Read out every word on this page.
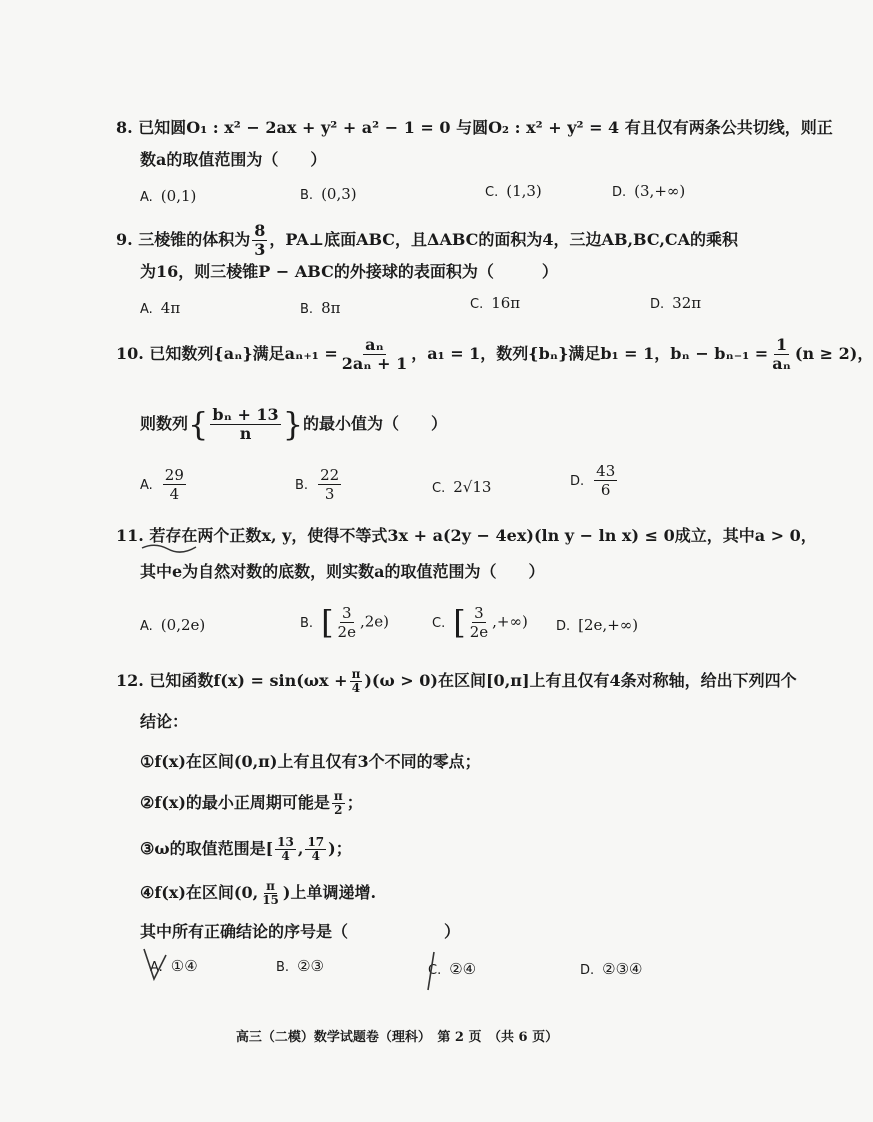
8. 已知圆O₁ : x² − 2ax + y² + a² − 1 = 0 与圆O₂ : x² + y² = 4 有且仅有两条公共切线，则正
数a的取值范围为（　　）
A. (0,1)	B. (0,3)	C. (1,3)	D. (3,+∞)
9. 三棱锥的体积为 $\frac{8}{3}$ ，PA⊥底面ABC，且ΔABC的面积为4，三边AB,BC,CA的乘积
为16，则三棱锥P − ABC的外接球的表面积为（　　　）
A. 4π	B. 8π	C. 16π	D. 32π
10. 已知数列{aₙ}满足$a_{n+1} = \frac{\text{aₙ}}{\text{2aₙ + 1}}$ ，a₁ = 1，数列{bₙ}满足b₁ = 1，$b_n - b_{n-1} = \frac{1}{\text{aₙ}} (n \ge 2)$，
则数列{ $\frac{\text{bₙ + 13}}{n}$ }的最小值为（　　）
A. $\frac{29}{4}$	B. $\frac{22}{3}$	C. 2√13	D. $\frac{43}{6}$
11. 若存在两个正数x, y，使得不等式3x + a(2y − 4ex)(ln y − ln x) ≤ 0成立，其中a > 0，
其中e为自然对数的底数，则实数a的取值范围为（　　）
A. (0,2e)	B. [ $\frac{3}{2e} ,2e$)	C. [ $\frac{3}{2e}$ ,+∞) D. [2e,+∞)
12. 已知函数$f(x) = \sin(\omega x + \frac{\pi}{4} )(\omega > 0)$在区间[0,π]上有且仅有4条对称轴，给出下列四个
结论：
①f(x)在区间(0,π)上有且仅有3个不同的零点；
②f(x)的最小正周期可能是 $\frac{\pi}{2}$ ；
③ω的取值范围是[ $\frac{13}{4}$ , $\frac{17}{4}$ )；
④f(x)在区间(0, $\frac{\pi}{15}$ )上单调递增.
其中所有正确结论的序号是（　　　　　　）
A. ①④	B. ②③	C. ②④	D. ②③④
高三（二模）数学试题卷（理科）　第 2 页　（共 6 页）
